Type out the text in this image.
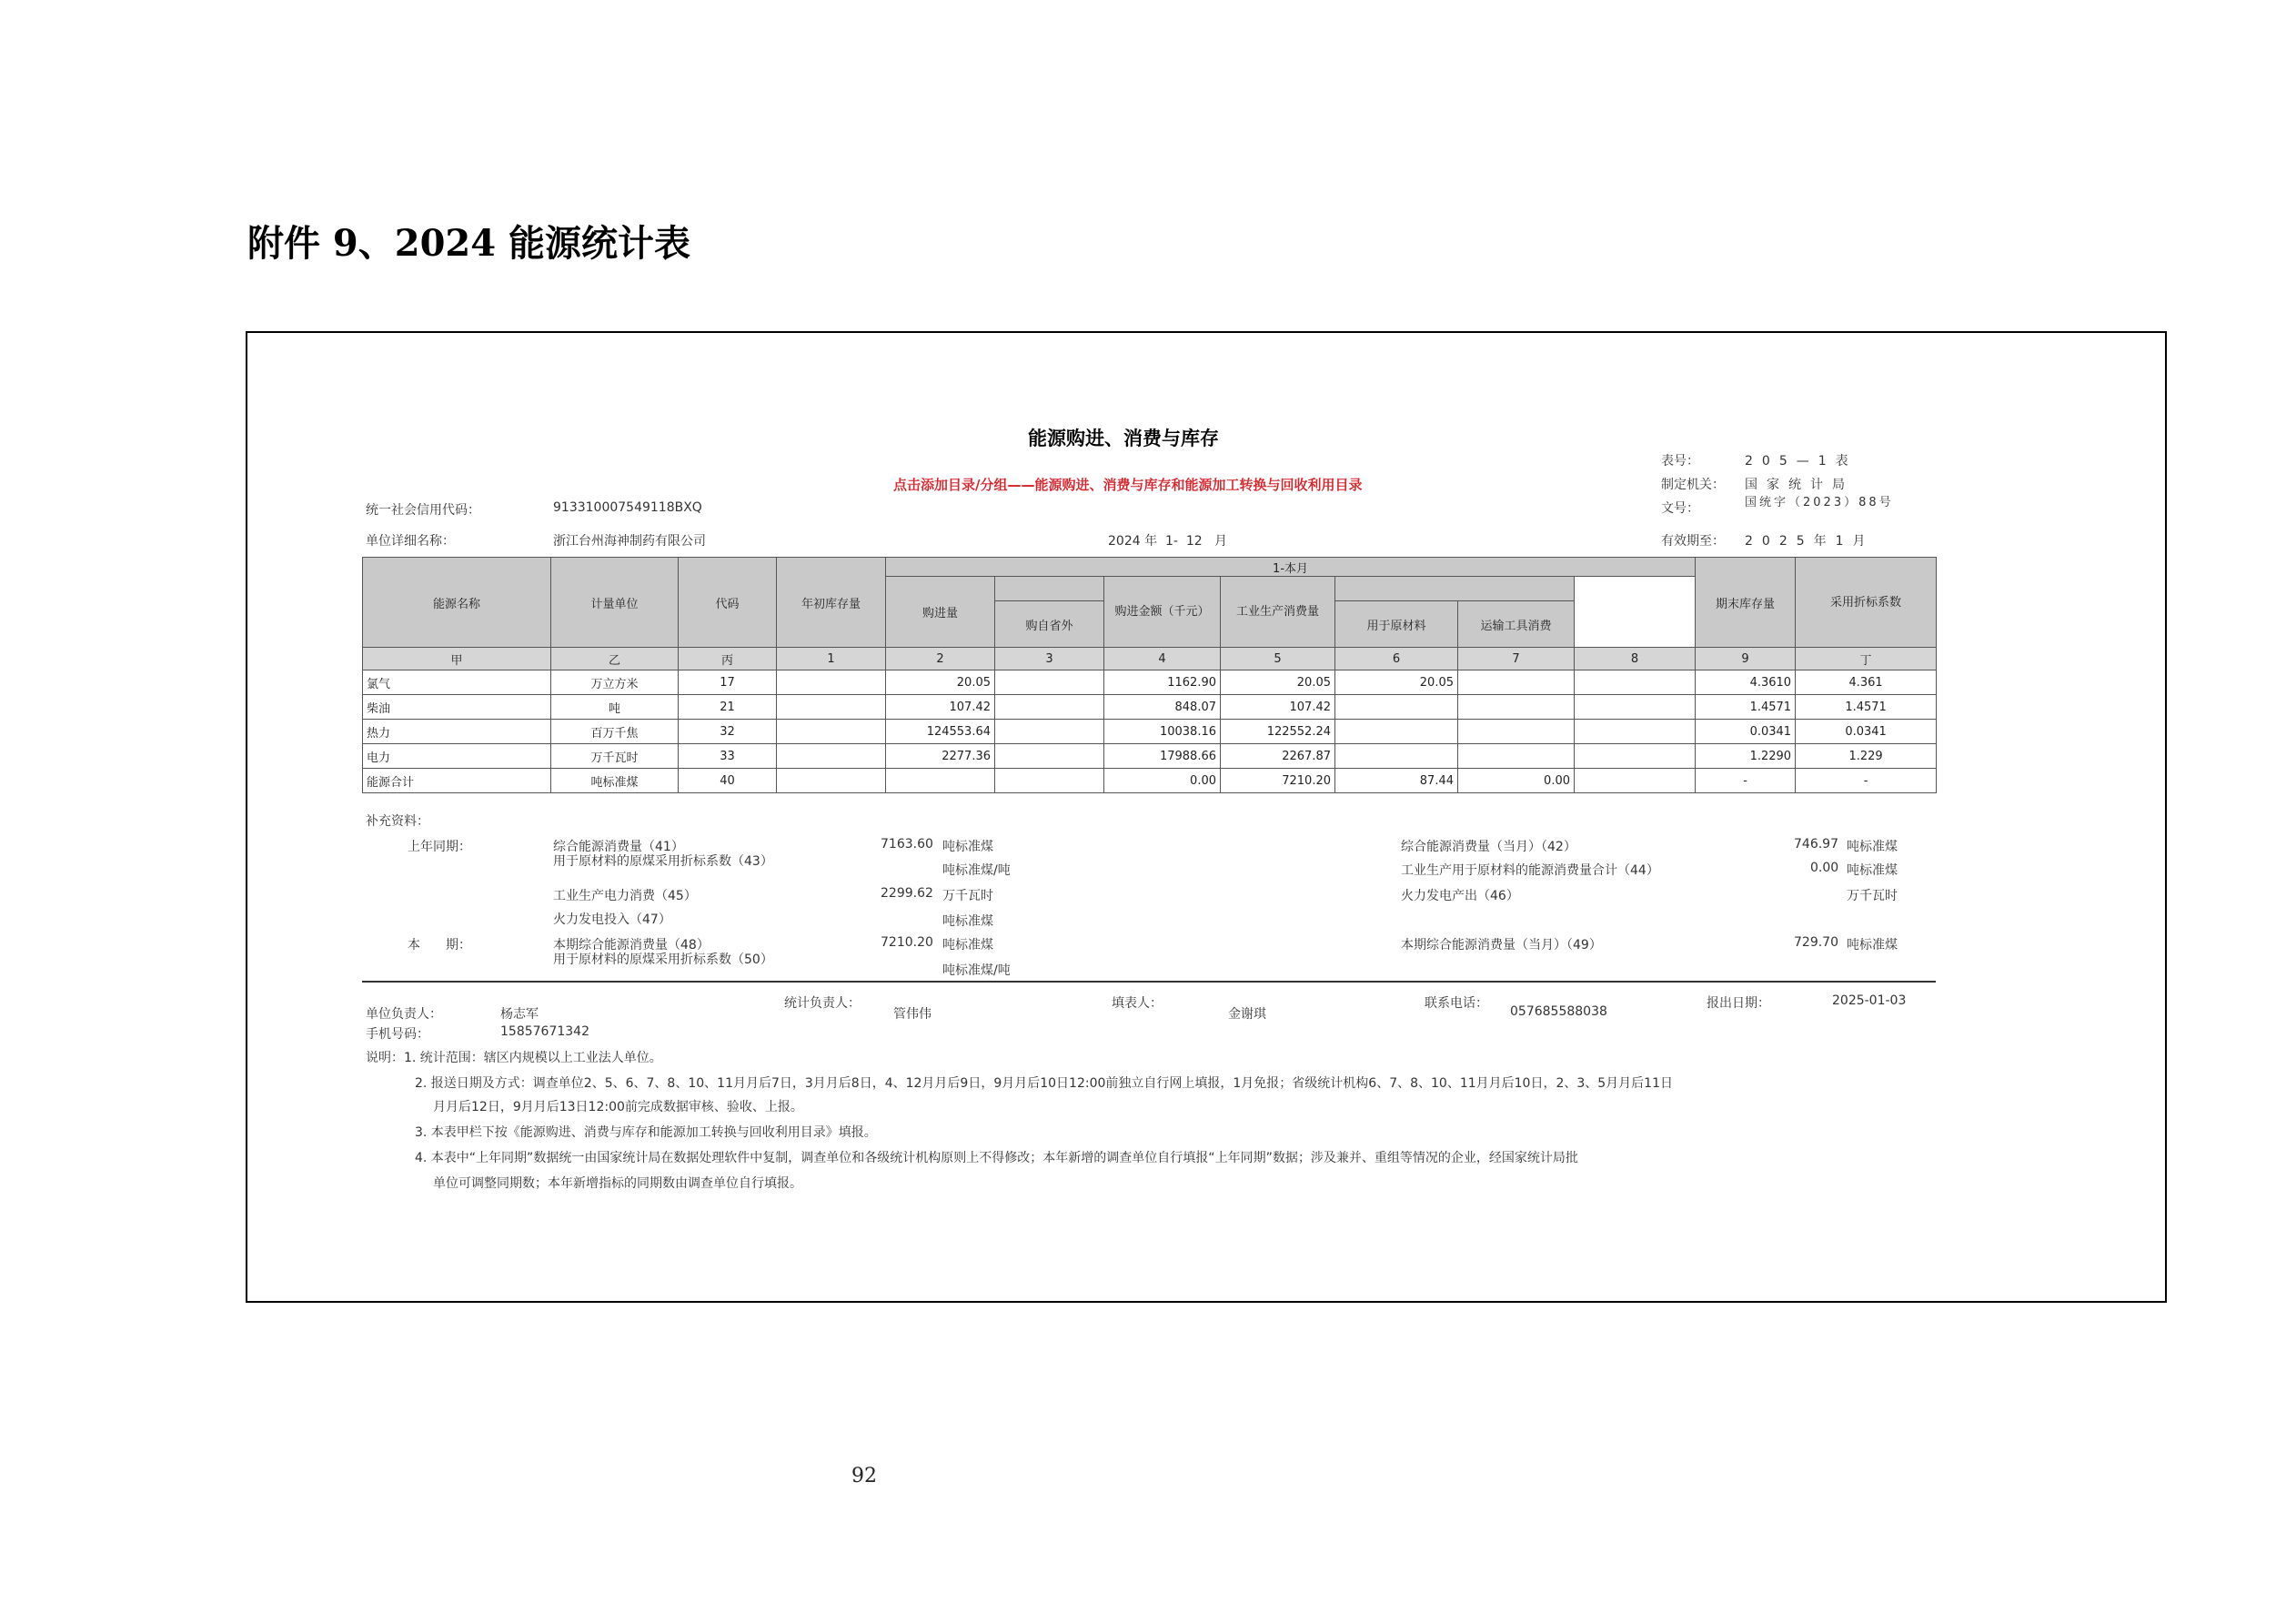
附件 9、2024 能源统计表
能源购进、消费与库存
点击添加目录/分组——能源购进、消费与库存和能源加工转换与回收利用目录
表号：	205—1表
制定机关： 国家统计局
文号：	国统字（2023）88号
有效期至： 2025年1月
统一社会信用代码：	913310007549118BXQ
单位详细名称：	浙江台州海神制药有限公司	2024 年  1-  12   月
能源名称	计量单位	代码	年初库存量	1-本月							期末库存量	采用折标系数	
				购进量		购进金额（千元）	工业生产消费量						
					购自省外			用于原材料	运输工具消费				
甲	乙	丙	1	2	3	4	5	6	7	8	9	丁	
氯气	万立方米	17		20.05		1162.90	20.05	20.05			4.3610	4.361	
柴油	吨	21		107.42		848.07	107.42				1.4571	1.4571	
热力	百万千焦	32		124553.64		10038.16	122552.24				0.0341	0.0341	
电力	万千瓦时	33		2277.36		17988.66	2267.87				1.2290	1.229	
能源合计	吨标准煤	40				0.00	7210.20	87.44	0.00		-	-	
补充资料：
上年同期：	综合能源消费量（41）	7163.60 吨标准煤
用于原材料的原煤采用折标系数（43）
吨标准煤/吨
工业生产电力消费（45）	2299.62 万千瓦时
火力发电投入（47）	吨标准煤
综合能源消费量（当月）（42）	746.97 吨标准煤
工业生产用于原材料的能源消费量合计（44）	0.00 吨标准煤
火力发电产出（46）	万千瓦时
本　　期：	本期综合能源消费量（48）	7210.20 吨标准煤
用于原材料的原煤采用折标系数（50）
吨标准煤/吨
本期综合能源消费量（当月）（49）	729.70 吨标准煤
单位负责人：	杨志军
统计负责人：
管伟伟
填表人：
金谢琪
联系电话：
057685588038
报出日期：	2025-01-03
手机号码：	15857671342
说明：1. 统计范围：辖区内规模以上工业法人单位。
2. 报送日期及方式：调查单位2、5、6、7、8、10、11月月后7日，3月月后8日，4、12月月后9日，9月月后10日12:00前独立自行网上填报，1月免报；省级统计机构6、7、8、10、11月月后10日，2、3、5月月后11日
月月后12日，9月月后13日12:00前完成数据审核、验收、上报。
3. 本表甲栏下按《能源购进、消费与库存和能源加工转换与回收利用目录》填报。
4. 本表中“上年同期”数据统一由国家统计局在数据处理软件中复制，调查单位和各级统计机构原则上不得修改；本年新增的调查单位自行填报“上年同期”数据；涉及兼并、重组等情况的企业，经国家统计局批
单位可调整同期数；本年新增指标的同期数由调查单位自行填报。
92
